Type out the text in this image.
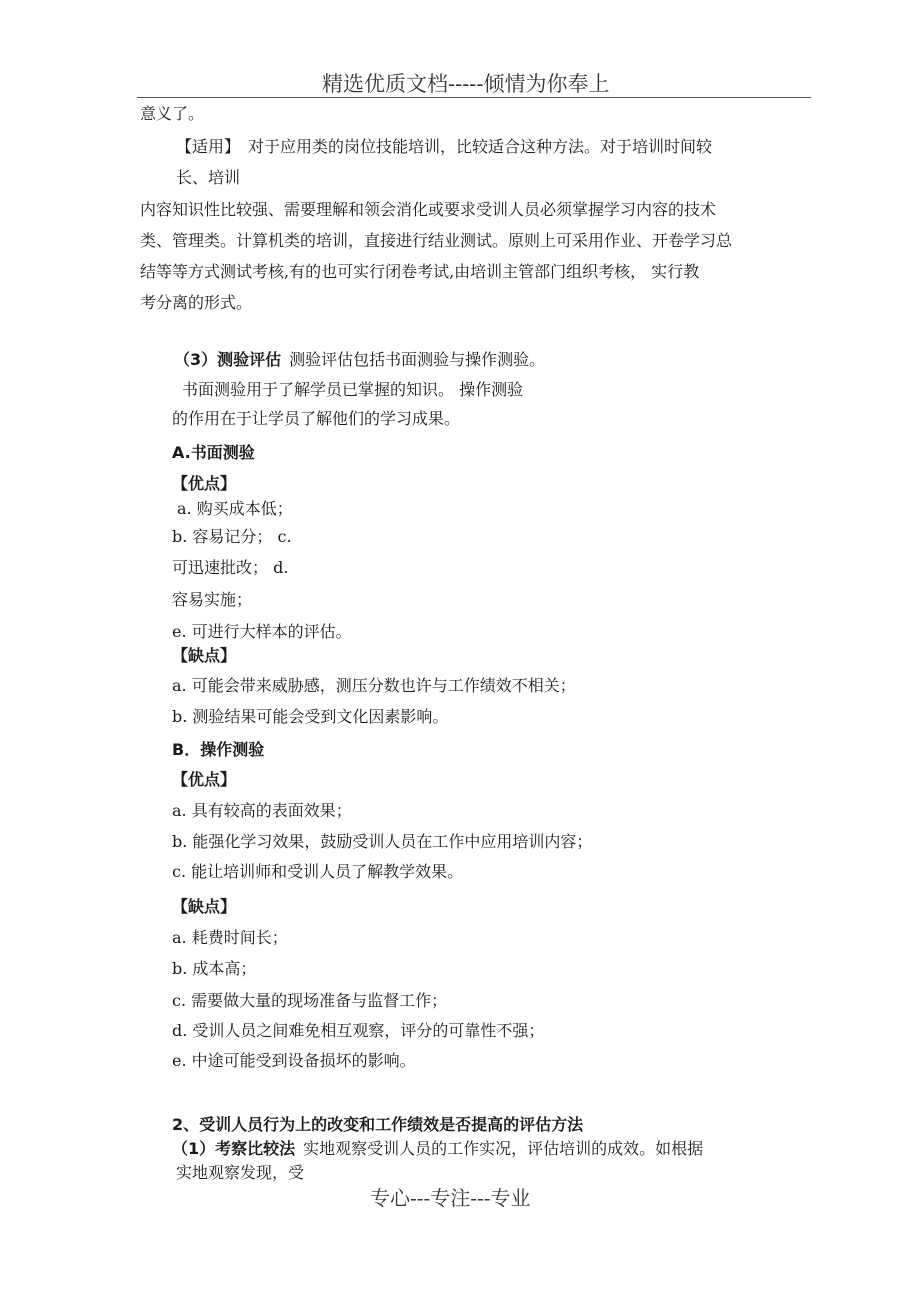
精选优质文档-----倾情为你奉上
意义了。
【适用】 对于应用类的岗位技能培训，比较适合这种方法。对于培训时间较
长、培训
内容知识性比较强、需要理解和领会消化或要求受训人员必须掌握学习内容的技术
类、管理类。计算机类的培训，直接进行结业测试。原则上可采用作业、开卷学习总
结等等方式测试考核,有的也可实行闭卷考试,由培训主管部门组织考核， 实行教
考分离的形式。
（3）测验评估 测验评估包括书面测验与操作测验。
书面测验用于了解学员已掌握的知识。 操作测验
的作用在于让学员了解他们的学习成果。
A.书面测验
【优点】
a. 购买成本低；
b. 容易记分； c.
可迅速批改； d.
容易实施；
e. 可进行大样本的评估。
【缺点】
a. 可能会带来威胁感，测压分数也许与工作绩效不相关；
b. 测验结果可能会受到文化因素影响。
B．操作测验
【优点】
a. 具有较高的表面效果；
b. 能强化学习效果，鼓励受训人员在工作中应用培训内容；
c. 能让培训师和受训人员了解教学效果。
【缺点】
a. 耗费时间长；
b. 成本高；
c. 需要做大量的现场准备与监督工作；
d. 受训人员之间难免相互观察，评分的可靠性不强；
e. 中途可能受到设备损坏的影响。
2、受训人员行为上的改变和工作绩效是否提高的评估方法
（1）考察比较法 实地观察受训人员的工作实况，评估培训的成效。如根据
实地观察发现，受
专心---专注---专业
